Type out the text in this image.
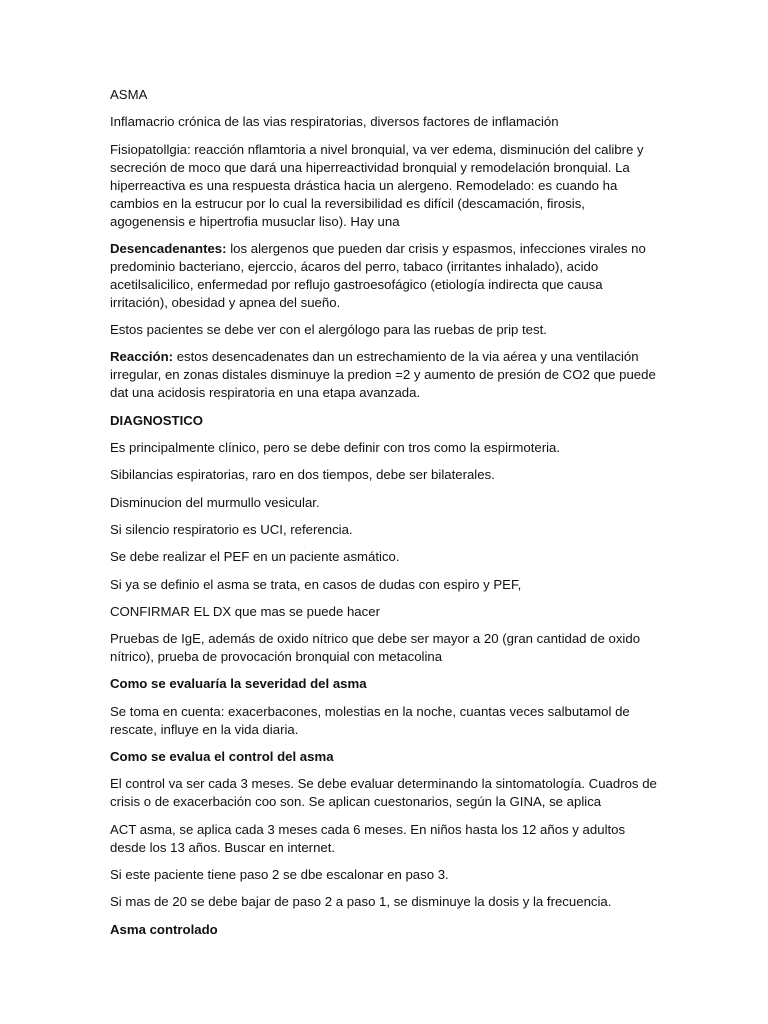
ASMA

Inflamacrio crónica de las vias respiratorias, diversos factores de inflamación

Fisiopatollgia: reacción nflamtoria a nivel bronquial, va ver edema, disminución del calibre y secreción de moco que dará una hiperreactividad bronquial y remodelación bronquial. La hiperreactiva es una respuesta drástica hacia un alergeno. Remodelado: es cuando ha cambios en la estrucur por lo cual la reversibilidad es difícil (descamación, firosis, agogenensis e hipertrofia musuclar liso). Hay una

Desencadenantes: los alergenos que pueden dar crisis y espasmos, infecciones virales no predominio bacteriano, ejerccio, ácaros del perro, tabaco (irritantes inhalado), acido acetilsalicilico, enfermedad por reflujo gastroesofágico (etiología indirecta que causa irritación), obesidad y apnea del sueño.

Estos pacientes se debe ver con el alergólogo para las ruebas de prip test.

Reacción: estos desencadenates dan un estrechamiento de la via aérea y una ventilación irregular, en zonas distales disminuye la predion =2 y aumento de presión de CO2 que puede dat una acidosis respiratoria en una etapa avanzada.

DIAGNOSTICO

Es principalmente clínico, pero se debe definir con tros como la espirmoteria.

Sibilancias espiratorias, raro en dos tiempos, debe ser bilaterales.

Disminucion del murmullo vesicular.

Si silencio respiratorio es UCI, referencia.

Se debe realizar el PEF en un paciente asmático.

Si ya se definio el asma se trata, en casos de dudas con espiro y PEF,

CONFIRMAR EL DX que mas se puede hacer

Pruebas de IgE, además de oxido nítrico que debe ser mayor a 20 (gran cantidad de oxido nítrico), prueba de provocación bronquial con metacolina

Como se evaluaría la severidad del asma

Se toma en cuenta: exacerbacones, molestias en la noche, cuantas veces salbutamol de rescate, influye en la vida diaria.

Como se evalua el control del asma

El control va ser cada 3 meses. Se debe evaluar determinando la sintomatología. Cuadros de crisis o de exacerbación coo son. Se aplican cuestonarios, según la GINA, se aplica

ACT asma, se aplica cada 3 meses cada 6 meses. En niños hasta los 12 años y adultos desde los 13 años. Buscar en internet.

Si este paciente tiene paso 2 se dbe escalonar en paso 3.

Si mas de 20 se debe bajar de paso 2 a paso 1, se disminuye la dosis y la frecuencia.

Asma controlado
